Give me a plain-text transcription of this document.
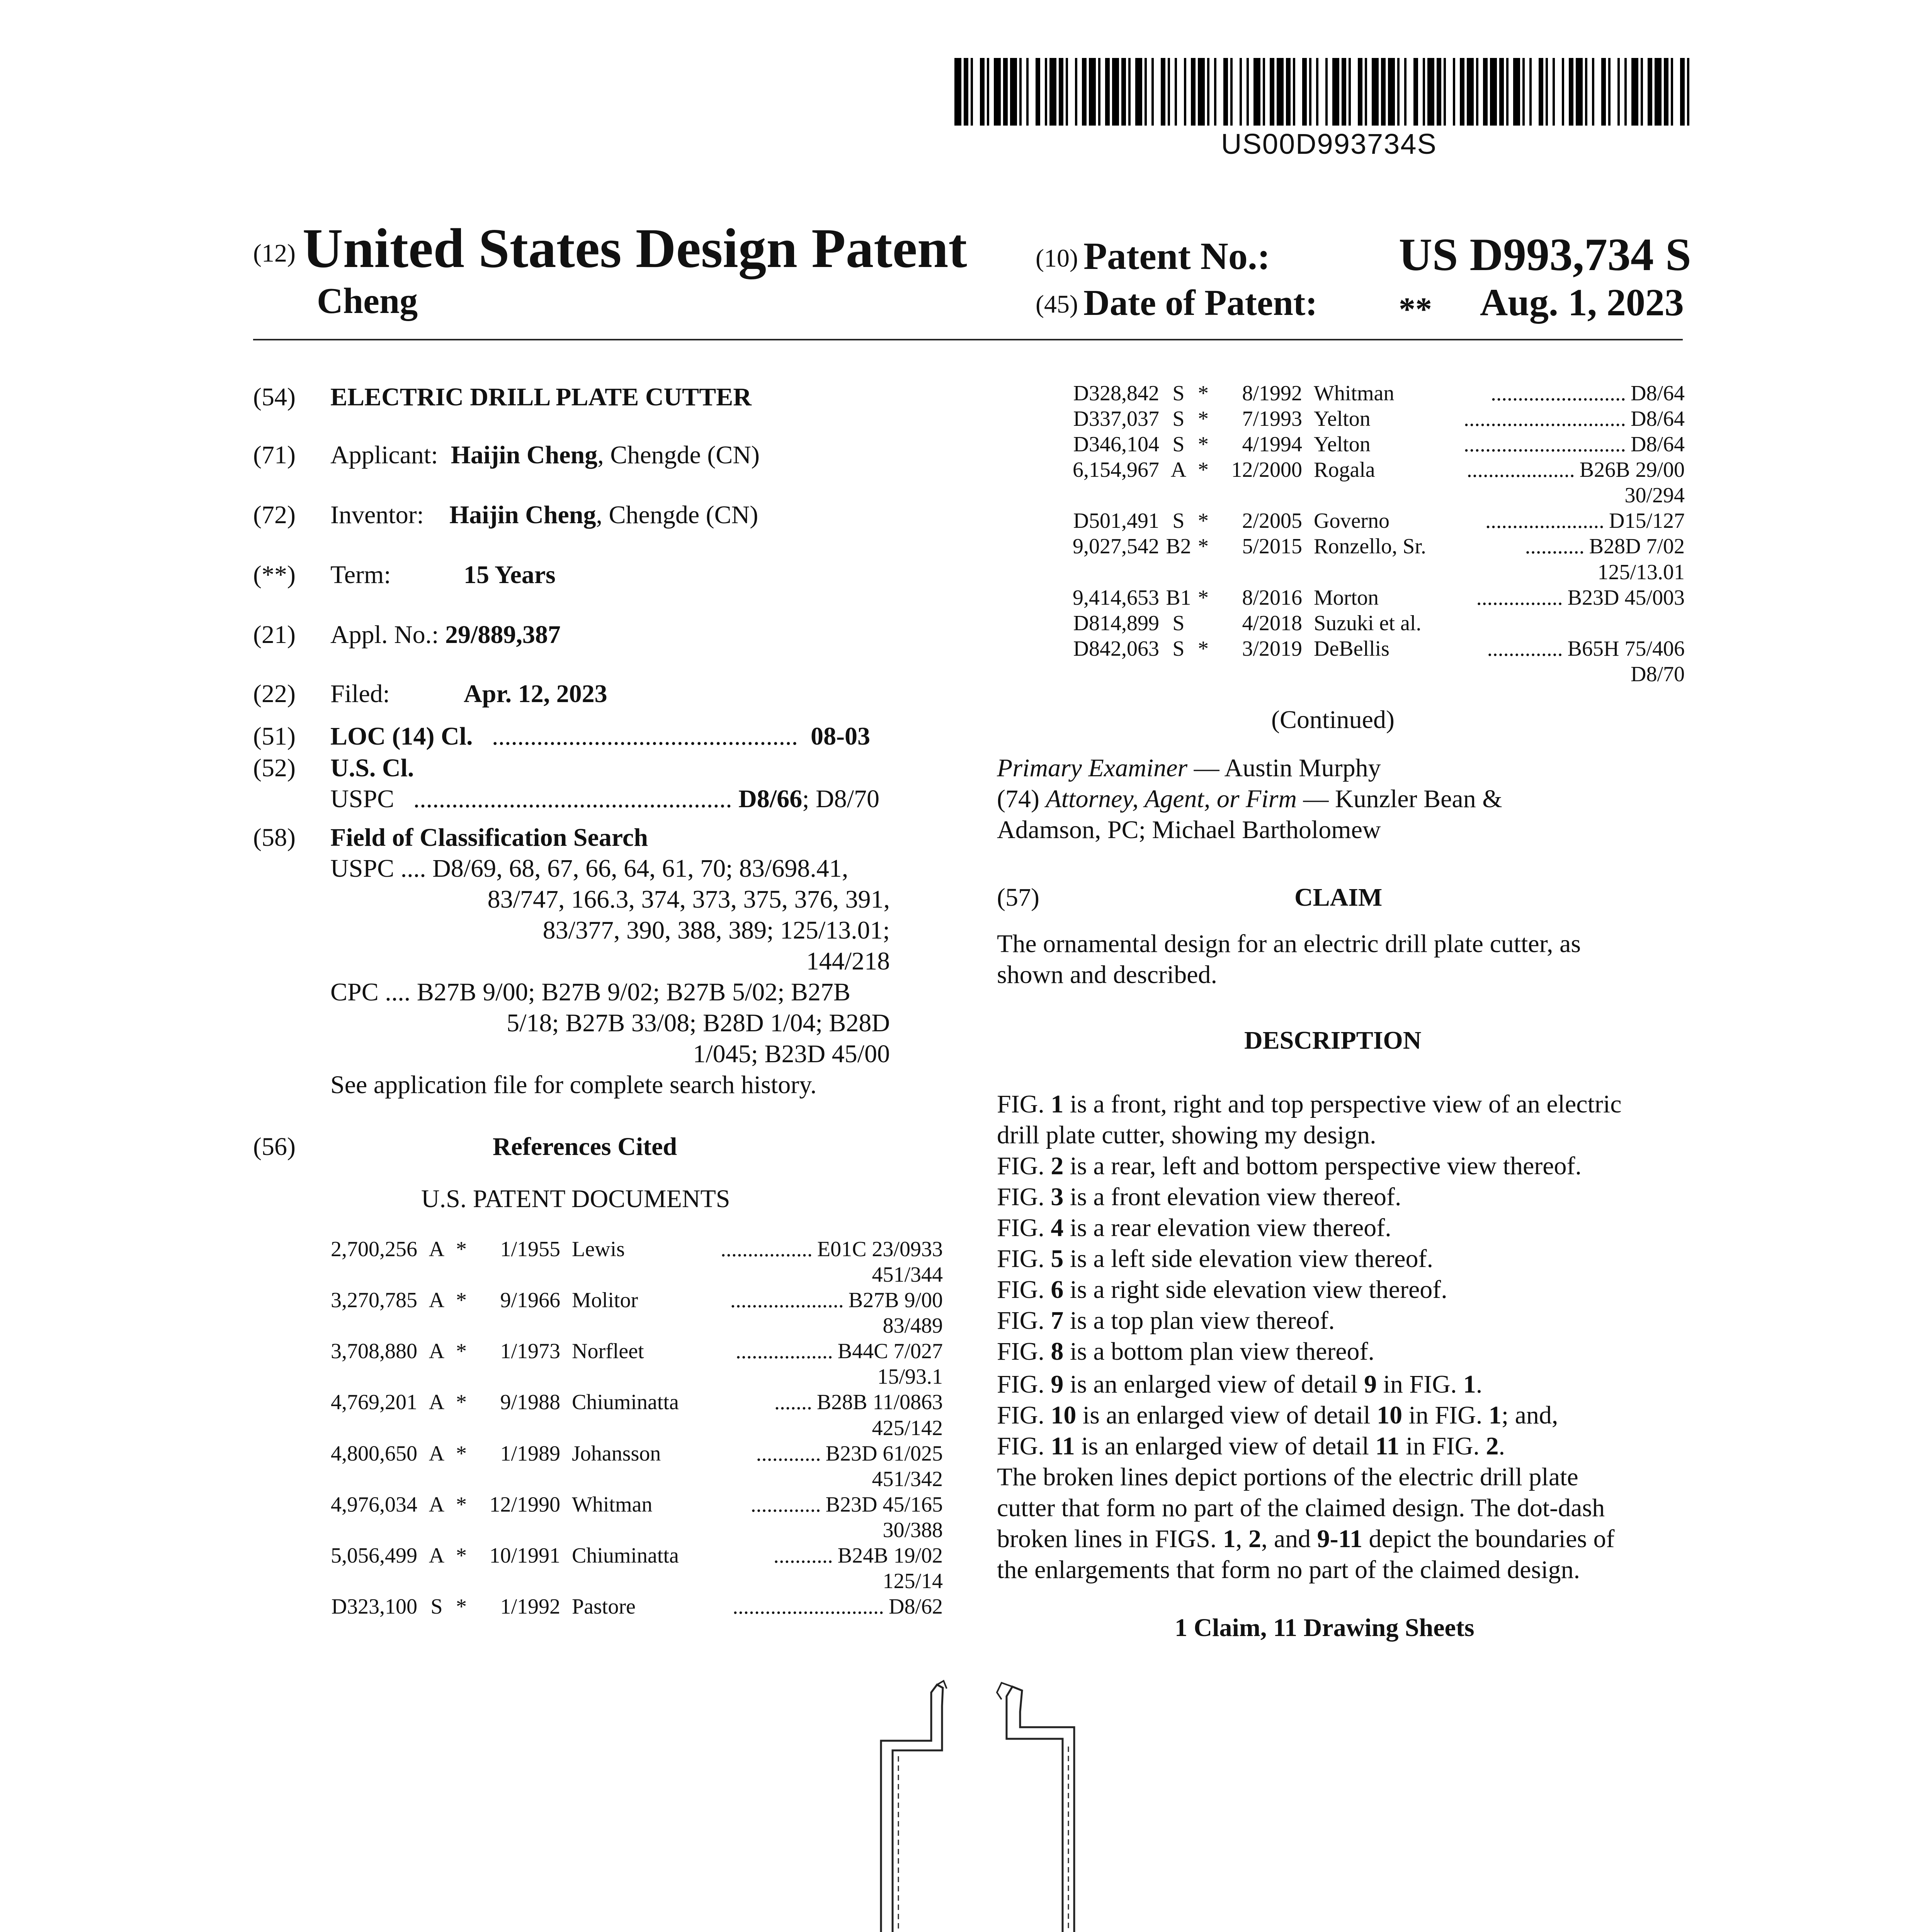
US00D993734S
(12) United States Design Patent
Cheng
(10) Patent No.:	US D993,734 S
(45) Date of Patent: ** Aug. 1, 2023
(54) ELECTRIC DRILL PLATE CUTTER
(71) Applicant: Haijin Cheng, Chengde (CN)
(72) Inventor: Haijin Cheng, Chengde (CN)
(**) Term:	15 Years
(21) Appl. No.: 29/889,387
(22) Filed:	Apr. 12, 2023
(51) LOC (14) Cl. ................................................ 08-03
(52) U.S. Cl.
USPC .................................................. D8/66; D8/70
(58) Field of Classification Search
USPC .... D8/69, 68, 67, 66, 64, 61, 70; 83/698.41,
83/747, 166.3, 374, 373, 375, 376, 391,
83/377, 390, 388, 389; 125/13.01;
144/218
CPC .... B27B 9/00; B27B 9/02; B27B 5/02; B27B
5/18; B27B 33/08; B28D 1/04; B28D
1/045; B23D 45/00
See application file for complete search history.
(56)	References Cited
U.S. PATENT DOCUMENTS
2,700,256	A	*	1/1955	Lewis	................. E01C 23/0933
451/344

3,270,785	A	*	9/1966	Molitor	..................... B27B 9/00
83/489

3,708,880	A	*	1/1973	Norfleet	.................. B44C 7/027
15/93.1

4,769,201	A	*	9/1988	Chiuminatta	....... B28B 11/0863
425/142

4,800,650	A	*	1/1989	Johansson	............ B23D 61/025
451/342

4,976,034	A	*	12/1990	Whitman	............. B23D 45/165
30/388

5,056,499	A	*	10/1991	Chiuminatta	........... B24B 19/02
125/14

D323,100	S	*	1/1992	Pastore	............................ D8/62
D328,842	S	*	8/1992	Whitman	......................... D8/64

D337,037	S	*	7/1993	Yelton	.............................. D8/64

D346,104	S	*	4/1994	Yelton	.............................. D8/64

6,154,967	A	*	12/2000	Rogala	.................... B26B 29/00
30/294

D501,491	S	*	2/2005	Governo	...................... D15/127

9,027,542	B2	*	5/2015	Ronzello, Sr.	........... B28D 7/02
125/13.01

9,414,653	B1	*	8/2016	Morton	................ B23D 45/003

D814,899	S		4/2018	Suzuki et al.	

D842,063	S	*	3/2019	DeBellis	.............. B65H 75/406
D8/70
(Continued)
Primary Examiner — Austin Murphy
(74) Attorney, Agent, or Firm — Kunzler Bean &
Adamson, PC; Michael Bartholomew
(57)	CLAIM
The ornamental design for an electric drill plate cutter, as
shown and described.
DESCRIPTION
FIG. 1 is a front, right and top perspective view of an electric
drill plate cutter, showing my design.
FIG. 2 is a rear, left and bottom perspective view thereof.
FIG. 3 is a front elevation view thereof.
FIG. 4 is a rear elevation view thereof.
FIG. 5 is a left side elevation view thereof.
FIG. 6 is a right side elevation view thereof.
FIG. 7 is a top plan view thereof.
FIG. 8 is a bottom plan view thereof.
FIG. 9 is an enlarged view of detail 9 in FIG. 1.
FIG. 10 is an enlarged view of detail 10 in FIG. 1; and,
FIG. 11 is an enlarged view of detail 11 in FIG. 2.
The broken lines depict portions of the electric drill plate
cutter that form no part of the claimed design. The dot-dash
broken lines in FIGS. 1, 2, and 9-11 depict the boundaries of
the enlargements that form no part of the claimed design.
1 Claim, 11 Drawing Sheets
